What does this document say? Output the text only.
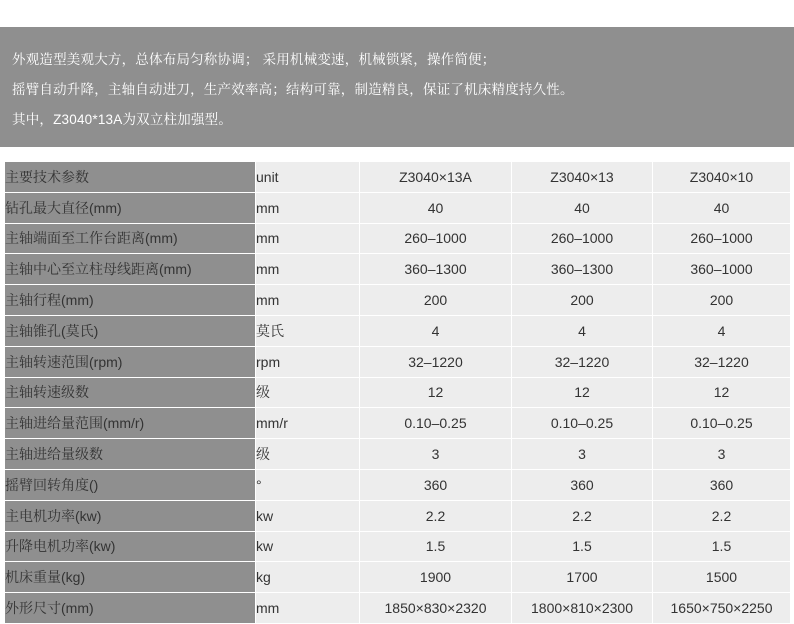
外观造型美观大方，总体布局匀称协调； 采用机械变速，机械锁紧，操作简便；
摇臂自动升降，主轴自动进刀，生产效率高；结构可靠，制造精良，保证了机床精度持久性。
其中，Z3040*13A为双立柱加强型。
主要技术参数	unit	Z3040×13A	Z3040×13	Z3040×10
钻孔最大直径(mm)	mm	40	40	40
主轴端面至工作台距离(mm)	mm	260–1000	260–1000	260–1000
主轴中心至立柱母线距离(mm)	mm	360–1300	360–1300	360–1000
主轴行程(mm)	mm	200	200	200
主轴锥孔(莫氏)	莫氏	4	4	4
主轴转速范围(rpm)	rpm	32–1220	32–1220	32–1220
主轴转速级数	级	12	12	12
主轴进给量范围(mm/r)	mm/r	0.10–0.25	0.10–0.25	0.10–0.25
主轴进给量级数	级	3	3	3
摇臂回转角度()	°	360	360	360
主电机功率(kw)	kw	2.2	2.2	2.2
升降电机功率(kw)	kw	1.5	1.5	1.5
机床重量(kg)	kg	1900	1700	1500
外形尺寸(mm)	mm	1850×830×2320	1800×810×2300	1650×750×2250
